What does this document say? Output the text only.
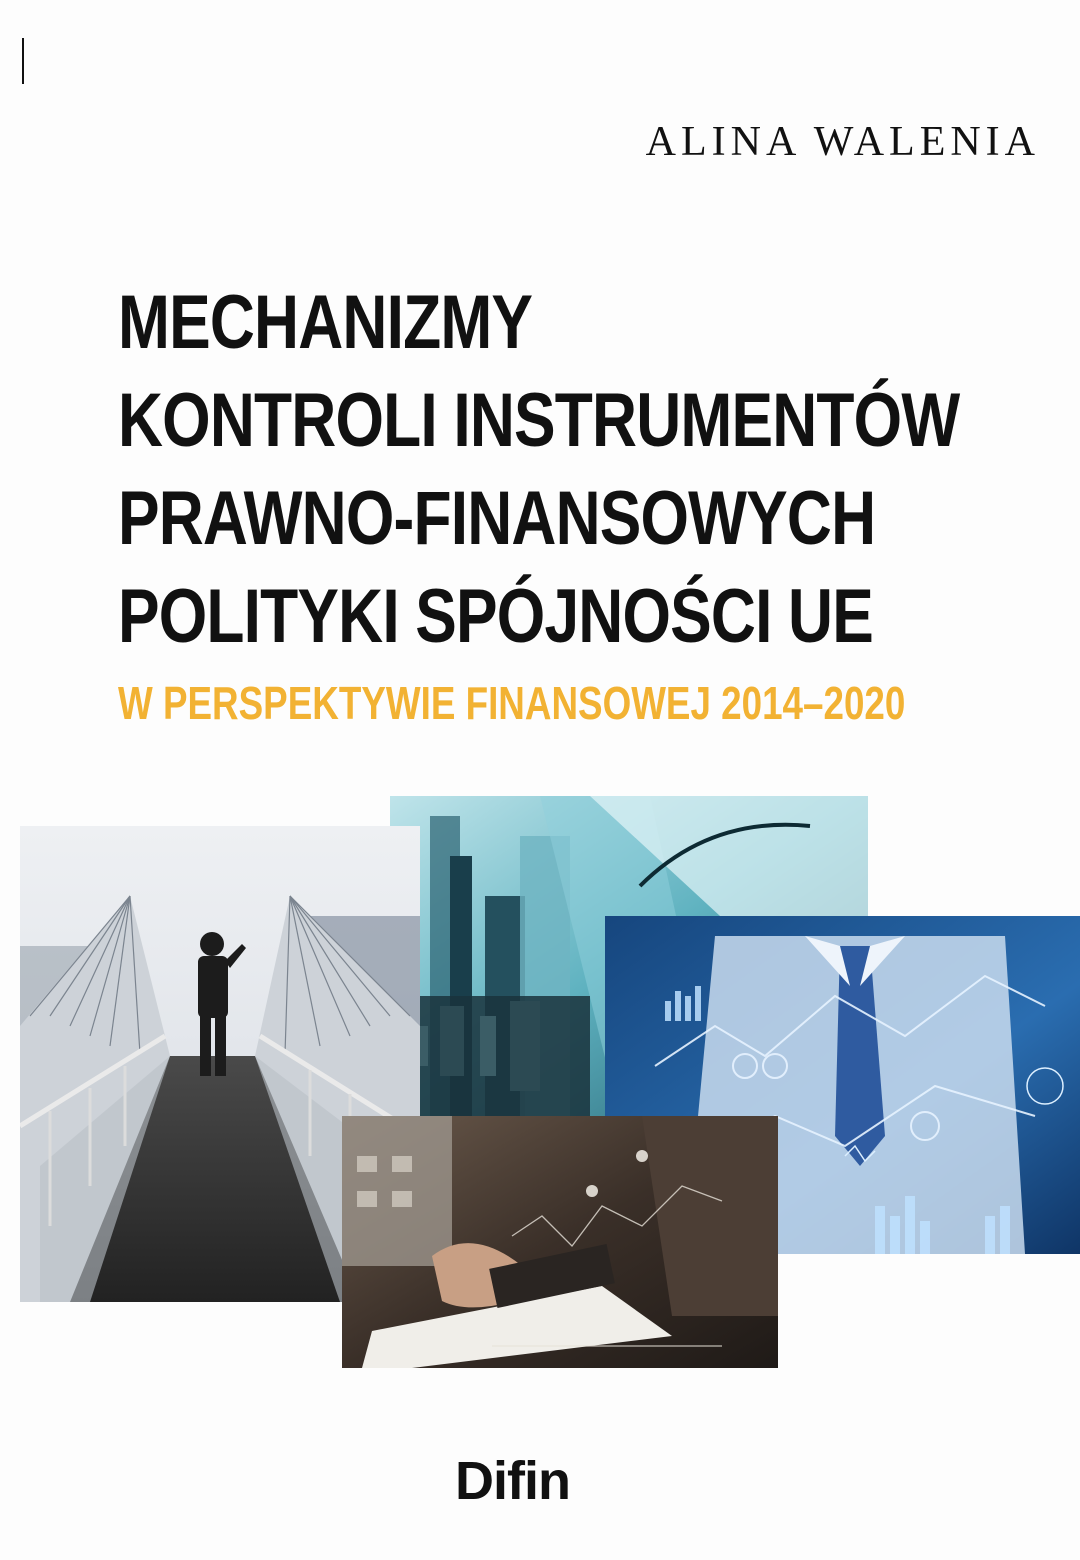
ALINA WALENIA
MECHANIZMY
KONTROLI INSTRUMENTÓW
PRAWNO-FINANSOWYCH
POLITYKI SPÓJNOŚCI UE
W PERSPEKTYWIE FINANSOWEJ 2014–2020
Difin
